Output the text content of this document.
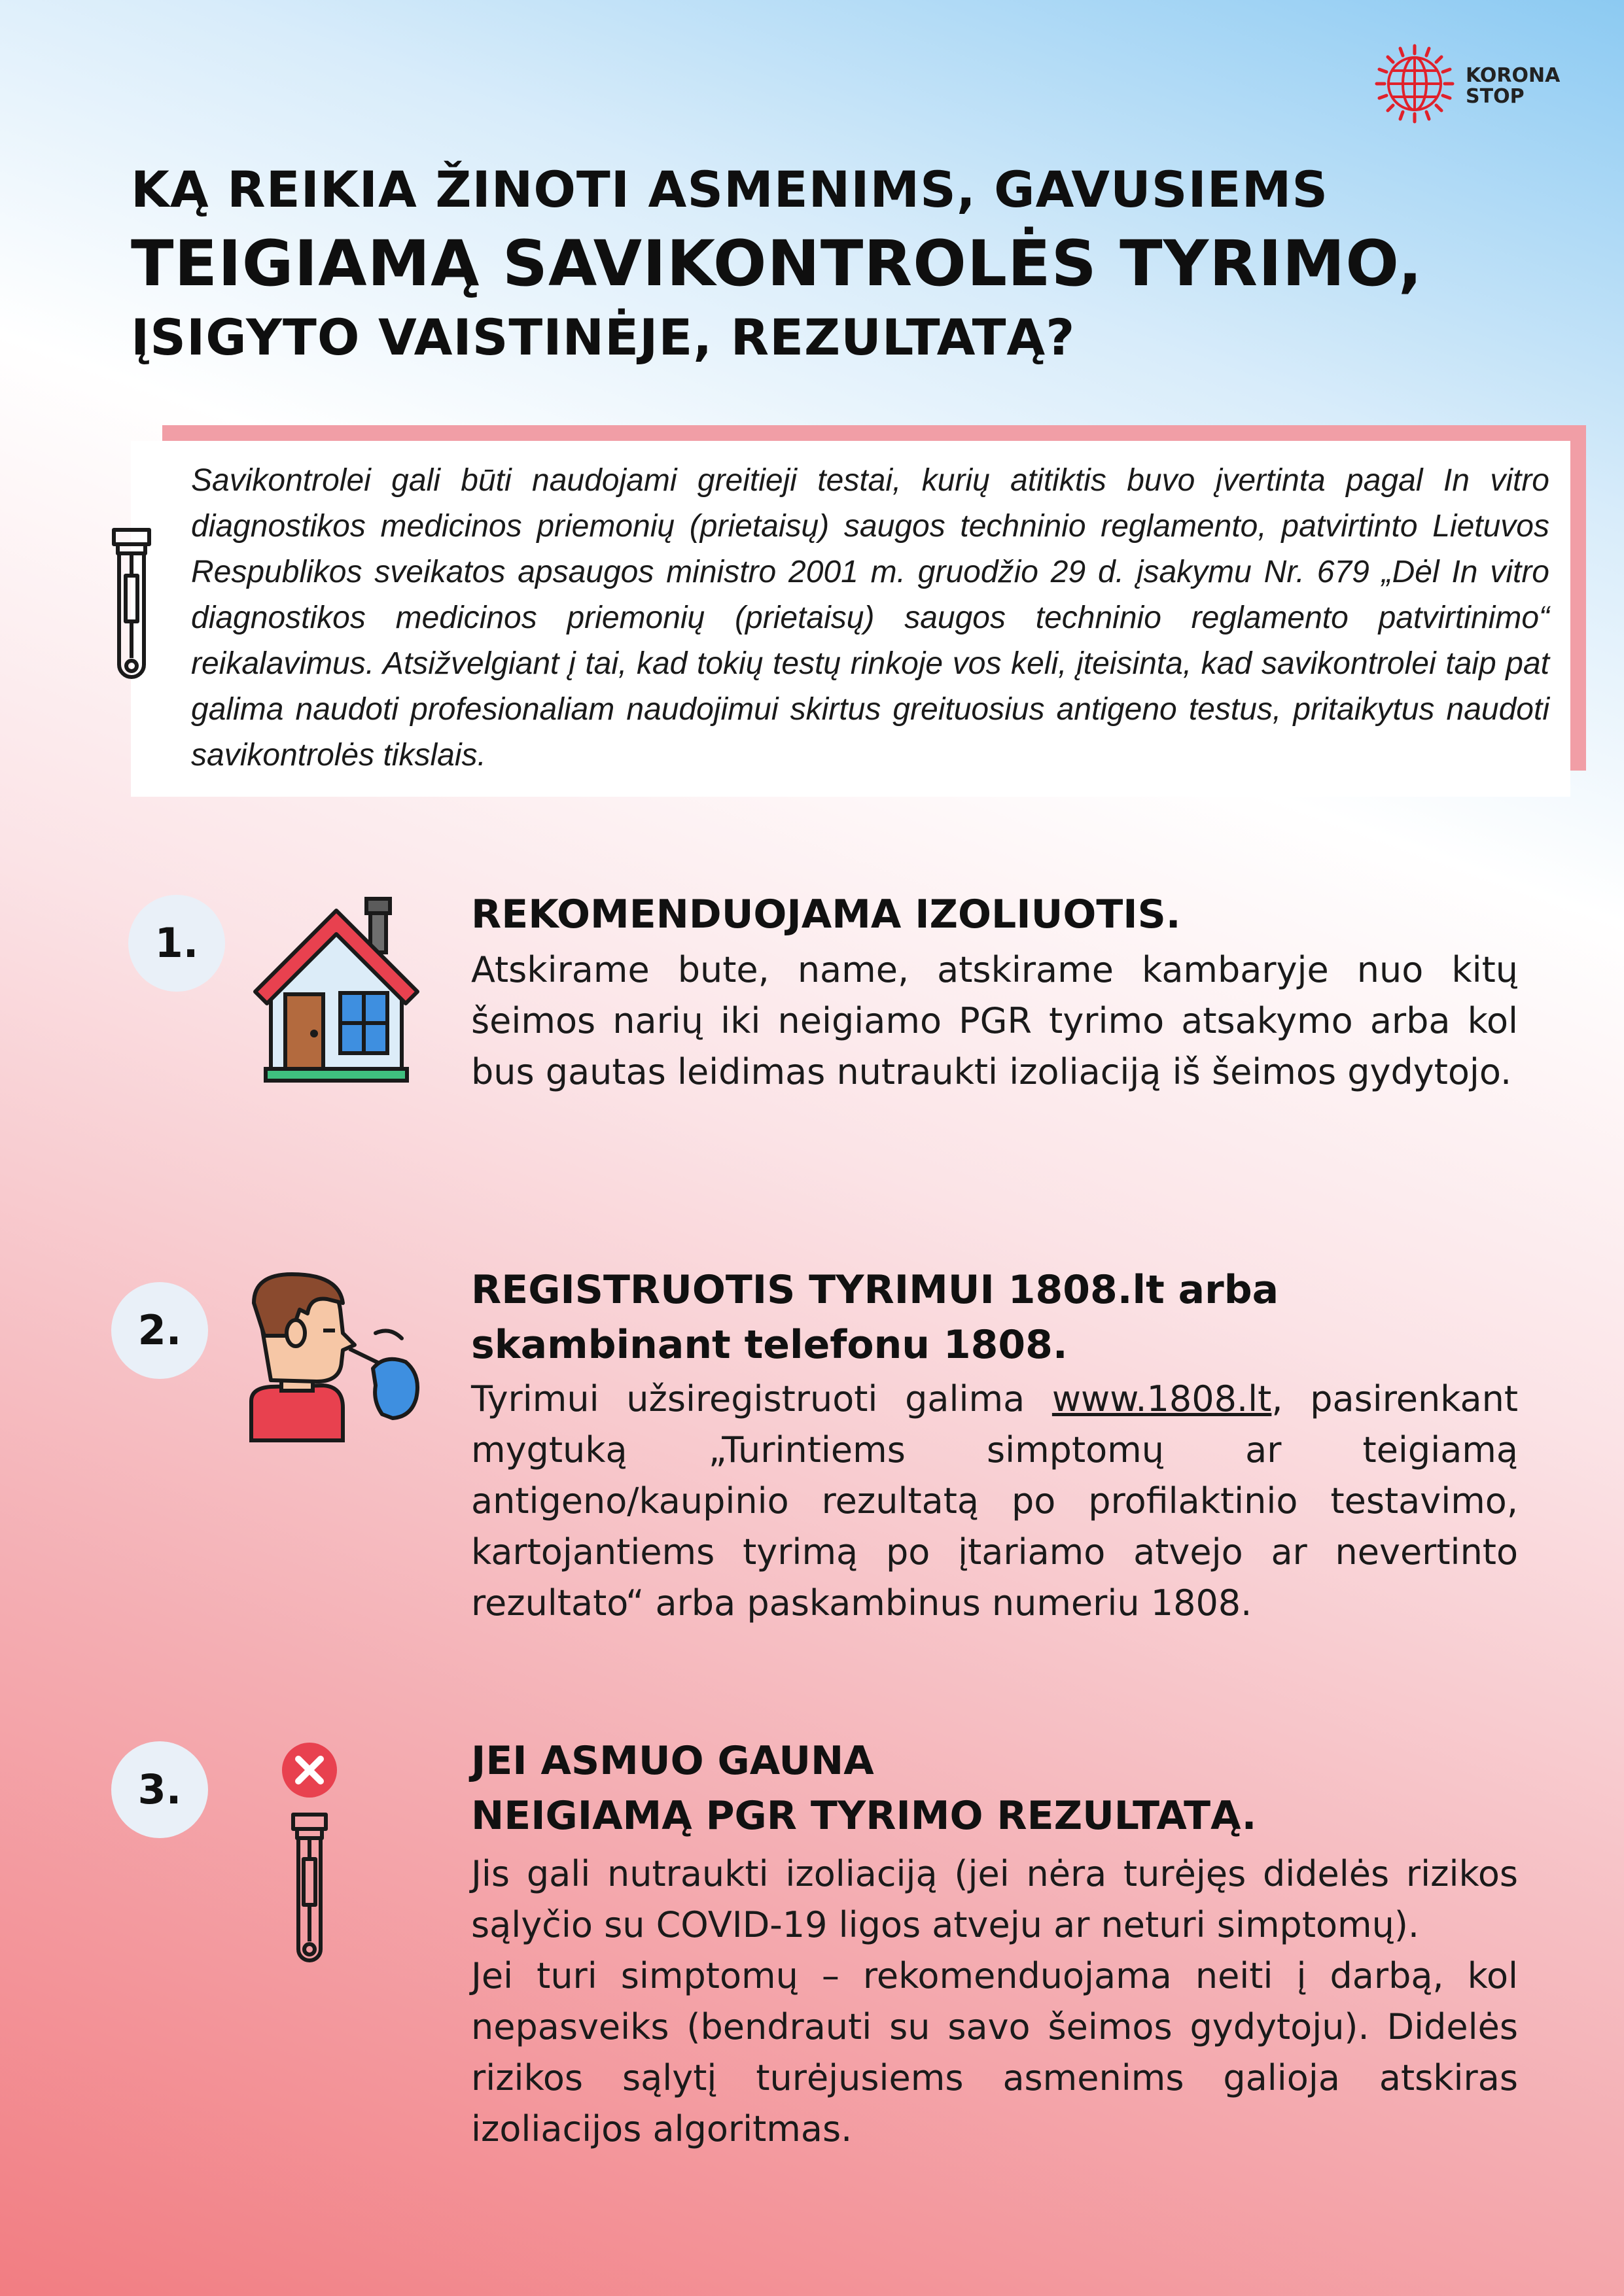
KORONA
STOP
KĄ REIKIA ŽINOTI ASMENIMS, GAVUSIEMS
TEIGIAMĄ SAVIKONTROLĖS TYRIMO,
ĮSIGYTO VAISTINĖJE, REZULTATĄ?
Savikontrolei gali būti naudojami greitieji testai, kurių atitiktis buvo įvertinta pagal In vitro diagnostikos medicinos priemonių (prietaisų) saugos techninio reglamento, patvirtinto Lietuvos Respublikos sveikatos apsaugos ministro 2001 m. gruodžio 29 d. įsakymu Nr. 679 „Dėl In vitro diagnostikos medicinos priemonių (prietaisų) saugos techninio reglamento patvirtinimo“ reikalavimus. Atsižvelgiant į tai, kad tokių testų rinkoje vos keli, įteisinta, kad savikontrolei taip pat galima naudoti profesionaliam naudojimui skirtus greituosius antigeno testus, pritaikytus naudoti savikontrolės tikslais.
1.
REKOMENDUOJAMA IZOLIUOTIS.
Atskirame bute, name, atskirame kambaryje nuo kitų šeimos narių iki neigiamo PGR tyrimo atsakymo arba kol bus gautas leidimas nutraukti izoliaciją iš šeimos gydytojo.
2.
REGISTRUOTIS TYRIMUI 1808.lt arba skambinant telefonu 1808.
Tyrimui užsiregistruoti galima www.1808.lt, pasirenkant mygtuką „Turintiems simptomų ar teigiamą antigeno/kaupinio rezultatą po profilaktinio testavimo, kartojantiems tyrimą po įtariamo atvejo ar nevertinto rezultato“ arba paskambinus numeriu 1808.
3.
JEI ASMUO GAUNA
NEIGIAMĄ PGR TYRIMO REZULTATĄ.

Jis gali nutraukti izoliaciją (jei nėra turėjęs didelės rizikos sąlyčio su COVID-19 ligos atveju ar neturi simptomų).

Jei turi simptomų – rekomenduojama neiti į darbą, kol nepasveiks (bendrauti su savo šeimos gydytoju). Didelės rizikos sąlytį turėjusiems asmenims galioja atskiras izoliacijos algoritmas.
